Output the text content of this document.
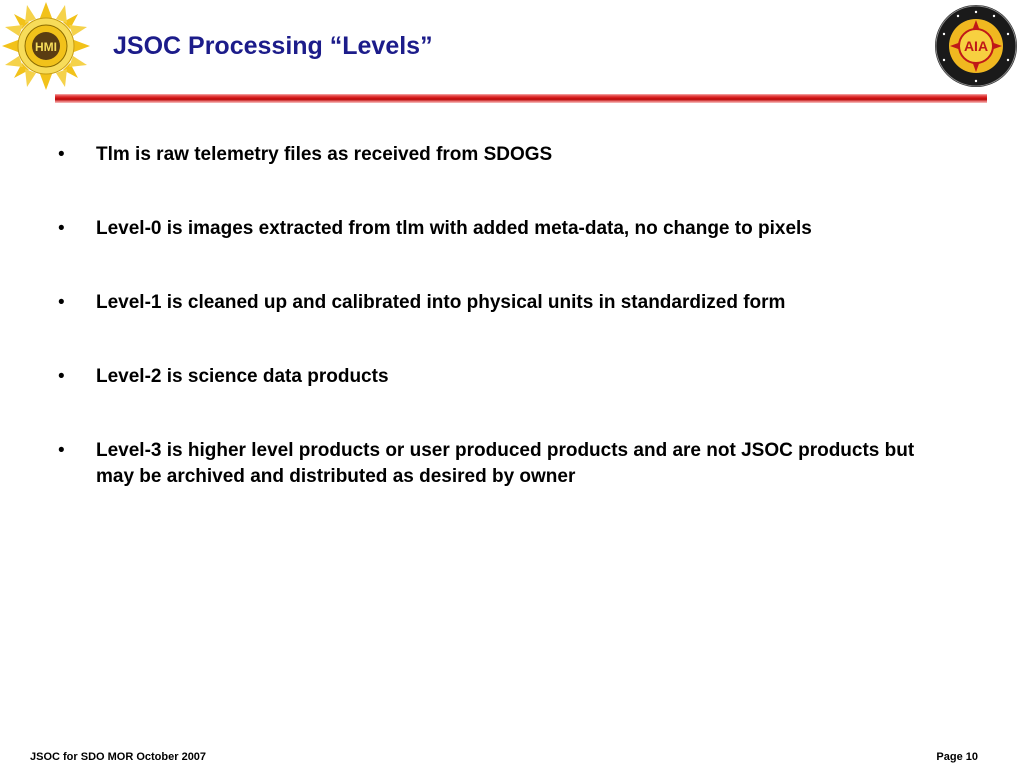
HMI JSOC Processing “Levels”	AIA
• Tlm is raw telemetry files as received from SDOGS
• Level-0 is images extracted from tlm with added meta-data, no change to pixels
• Level-1 is cleaned up and calibrated into physical units in standardized form
• Level-2 is science data products
• Level-3 is higher level products or user produced products and are not JSOC products but may be archived and distributed as desired by owner
JSOC for SDO MOR October 2007	Page 10
